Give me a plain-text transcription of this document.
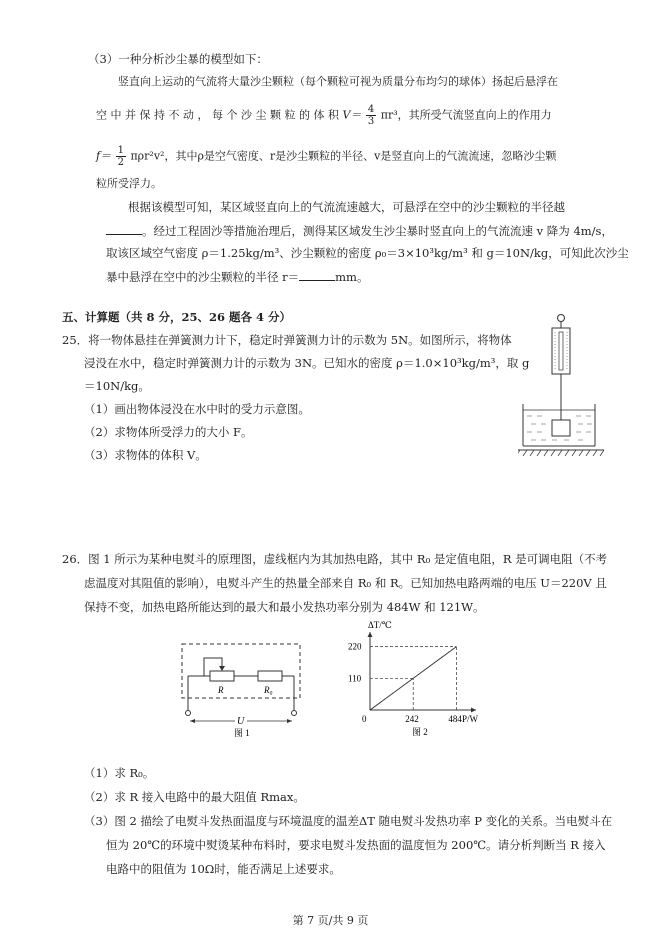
（3）一种分析沙尘暴的模型如下：
竖直向上运动的气流将大量沙尘颗粒（每个颗粒可视为质量分布均匀的球体）扬起后悬浮在
空 中 并 保 持 不 动 ， 每 个 沙 尘 颗 粒 的 体 积 $V= \frac{4}{3} \pi r^3$，其所受气流竖直向上的作用力
$f= \frac{1}{2} \pi\rho r^2v^2$，其中ρ是空气密度、r是沙尘颗粒的半径、v是竖直向上的气流流速，忽略沙尘颗
粒所受浮力。
根据该模型可知，某区域竖直向上的气流流速越大，可悬浮在空中的沙尘颗粒的半径越
。经过工程固沙等措施治理后，测得某区域发生沙尘暴时竖直向上的气流流速 v 降为 4m/s，
取该区域空气密度 ρ＝1.25kg/m³、沙尘颗粒的密度 ρ₀＝3×10³kg/m³ 和 g＝10N/kg，可知此次沙尘
暴中悬浮在空中的沙尘颗粒的半径 r＝	mm。
五、计算题（共 8 分，25、26 题各 4 分）
25．将一物体悬挂在弹簧测力计下，稳定时弹簧测力计的示数为 5N。如图所示，将物体
浸没在水中，稳定时弹簧测力计的示数为 3N。已知水的密度 ρ＝1.0×10³kg/m³，取 g
＝10N/kg。
（1）画出物体浸没在水中时的受力示意图。
（2）求物体所受浮力的大小 F。
（3）求物体的体积 V。
26．图 1 所示为某种电熨斗的原理图，虚线框内为其加热电路，其中 R₀ 是定值电阻，R 是可调电阻（不考
虑温度对其阻值的影响），电熨斗产生的热量全部来自 R₀ 和 R。已知加热电路两端的电压 U＝220V 且
保持不变，加热电路所能达到的最大和最小发热功率分别为 484W 和 121W。
R	R₀
U
图 1
ΔT/℃
P/W
0
110
220
242	484
图 2
（1）求 R₀。
（2）求 R 接入电路中的最大阻值 Rmax。
（3）图 2 描绘了电熨斗发热面温度与环境温度的温差ΔT 随电熨斗发热功率 P 变化的关系。当电熨斗在
恒为 20℃的环境中熨烫某种布料时，要求电熨斗发热面的温度恒为 200℃。请分析判断当 R 接入
电路中的阻值为 10Ω时，能否满足上述要求。
第 7 页/共 9 页
